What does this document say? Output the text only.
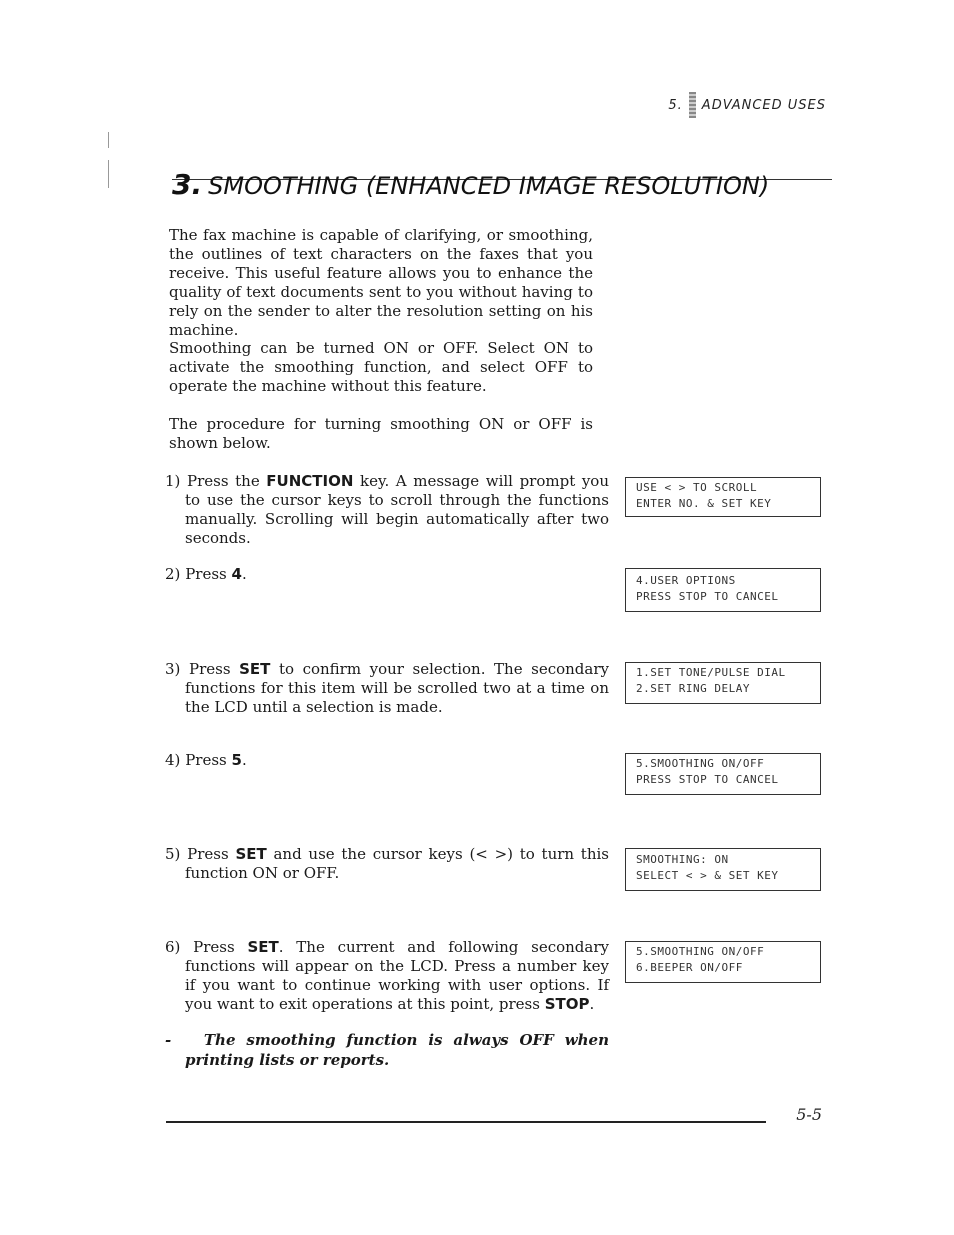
5. ADVANCED USES
3. SMOOTHING (ENHANCED IMAGE RESOLUTION)

The fax machine is capable of clarifying, or smoothing, the outlines of text characters on the faxes that you receive. This useful feature allows you to enhance the quality of text documents sent to you without having to rely on the sender to alter the resolution setting on his machine.

Smoothing can be turned ON or OFF. Select ON to activate the smoothing function, and select OFF to operate the machine without this feature.

The procedure for turning smoothing ON or OFF is shown below.

1) Press the FUNCTION key. A message will prompt you to use the cursor keys to scroll through the functions manually. Scrolling will begin automatically after two seconds.

USE < > TO SCROLL
ENTER NO. & SET KEY

2) Press 4.	4.USER OPTIONS
PRESS STOP TO CANCEL

3) Press SET to confirm your selection. The secondary functions for this item will be scrolled two at a time on the LCD until a selection is made.

1.SET TONE/PULSE DIAL
2.SET RING DELAY

4) Press 5.	5.SMOOTHING ON/OFF
PRESS STOP TO CANCEL

5) Press SET and use the cursor keys (< >) to turn this function ON or OFF.

SMOOTHING: ON
SELECT < > & SET KEY

6) Press SET. The current and following secondary functions will appear on the LCD. Press a number key if you want to continue working with user options. If you want to exit operations at this point, press STOP.

5.SMOOTHING ON/OFF
6.BEEPER ON/OFF

- The smoothing function is always OFF when printing lists or reports.

5-5
